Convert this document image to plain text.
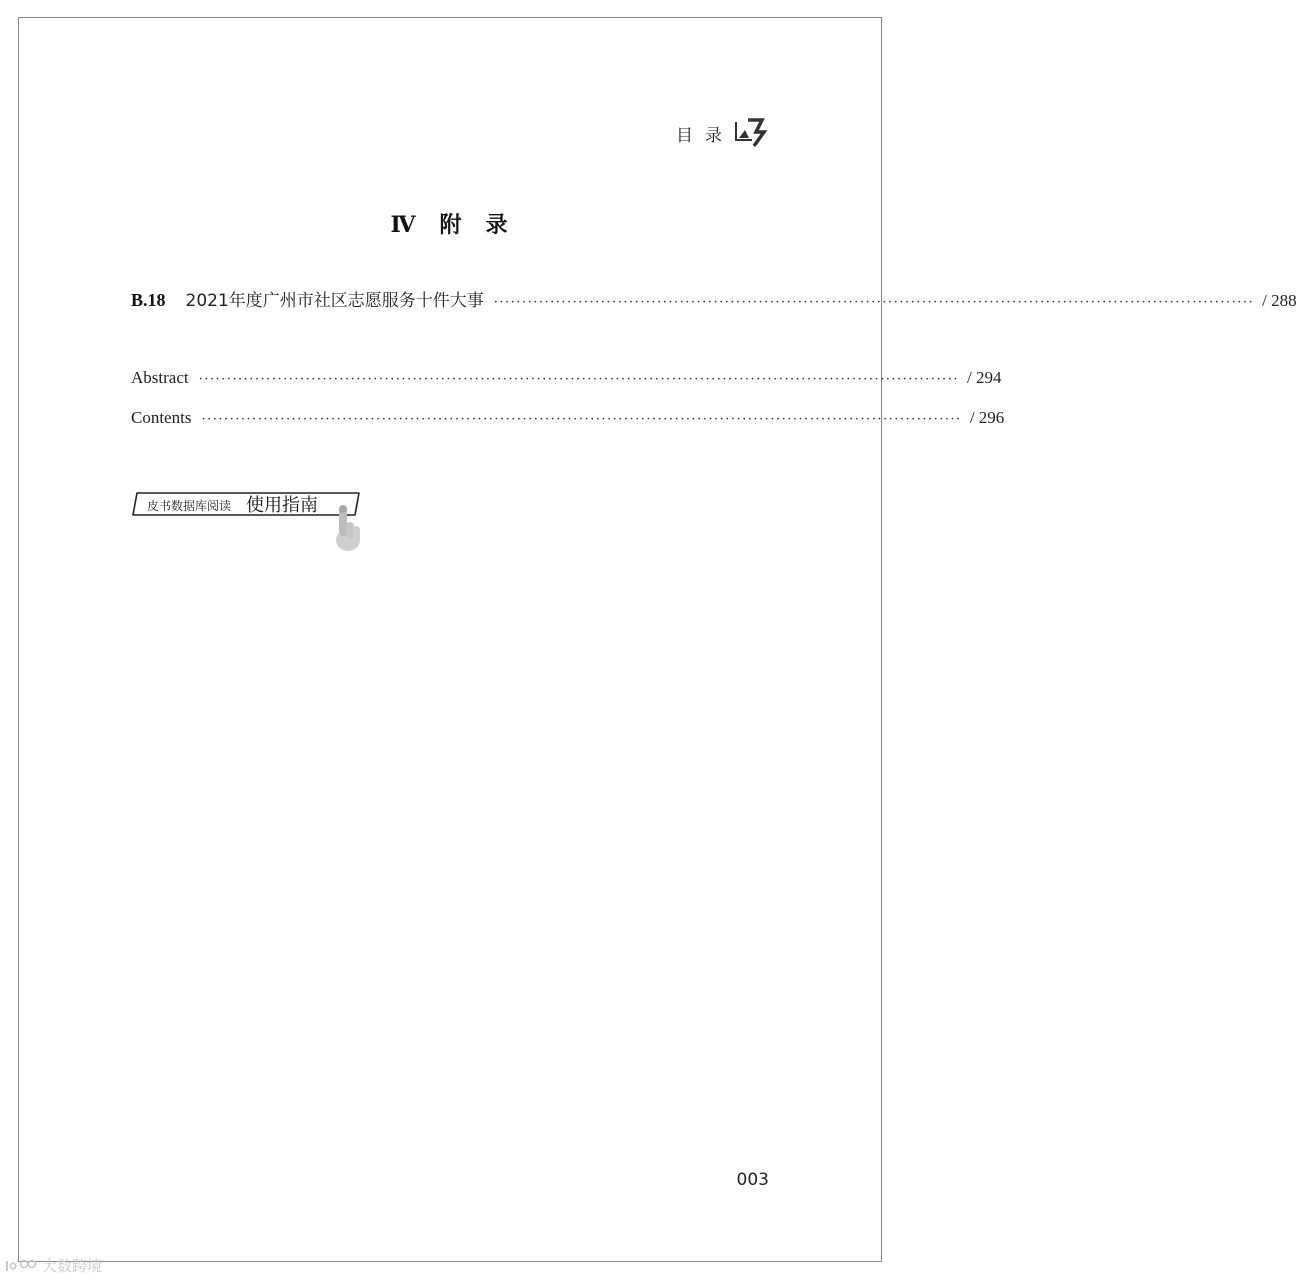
目录
Ⅳ 附 录
B.18 2021年度广州市社区志愿服务十件大事 ······································································································································· / 288
Abstract ······································································································································· / 294
Contents ······································································································································· / 296
皮书数据库阅读 使用指南
003
大数跨境
